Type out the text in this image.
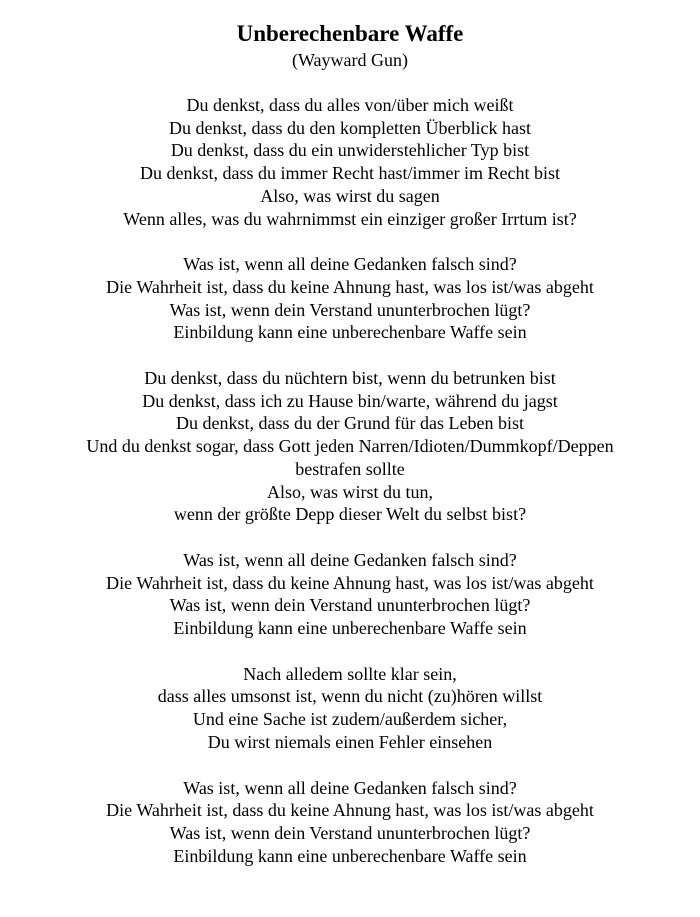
Unberechenbare Waffe
(Wayward Gun)
Du denkst, dass du alles von/über mich weißt
Du denkst, dass du den kompletten Überblick hast
Du denkst, dass du ein unwiderstehlicher Typ bist
Du denkst, dass du immer Recht hast/immer im Recht bist
Also, was wirst du sagen
Wenn alles, was du wahrnimmst ein einziger großer Irrtum ist?
Was ist, wenn all deine Gedanken falsch sind?
Die Wahrheit ist, dass du keine Ahnung hast, was los ist/was abgeht
Was ist, wenn dein Verstand ununterbrochen lügt?
Einbildung kann eine unberechenbare Waffe sein
Du denkst, dass du nüchtern bist, wenn du betrunken bist
Du denkst, dass ich zu Hause bin/warte, während du jagst
Du denkst, dass du der Grund für das Leben bist
Und du denkst sogar, dass Gott jeden Narren/Idioten/Dummkopf/Deppen
bestrafen sollte
Also, was wirst du tun,
wenn der größte Depp dieser Welt du selbst bist?
Was ist, wenn all deine Gedanken falsch sind?
Die Wahrheit ist, dass du keine Ahnung hast, was los ist/was abgeht
Was ist, wenn dein Verstand ununterbrochen lügt?
Einbildung kann eine unberechenbare Waffe sein
Nach alledem sollte klar sein,
dass alles umsonst ist, wenn du nicht (zu)hören willst
Und eine Sache ist zudem/außerdem sicher,
Du wirst niemals einen Fehler einsehen
Was ist, wenn all deine Gedanken falsch sind?
Die Wahrheit ist, dass du keine Ahnung hast, was los ist/was abgeht
Was ist, wenn dein Verstand ununterbrochen lügt?
Einbildung kann eine unberechenbare Waffe sein
